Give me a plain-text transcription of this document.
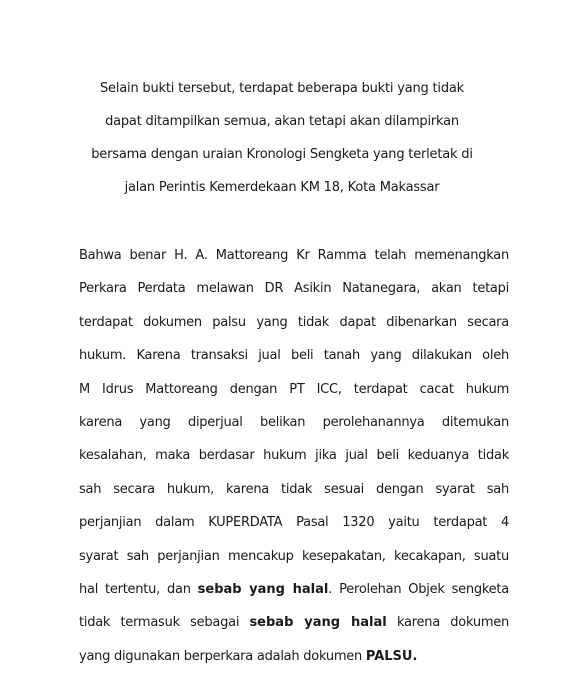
Selain bukti tersebut, terdapat beberapa bukti yang tidak
dapat ditampilkan semua, akan tetapi akan dilampirkan
bersama dengan uraian Kronologi Sengketa yang terletak di
jalan Perintis Kemerdekaan KM 18, Kota Makassar
Bahwa benar H. A. Mattoreang Kr Ramma telah memenangkan
Perkara Perdata melawan DR Asikin Natanegara, akan tetapi
terdapat dokumen palsu yang tidak dapat dibenarkan secara
hukum. Karena transaksi jual beli tanah yang dilakukan oleh
M Idrus Mattoreang dengan PT ICC, terdapat cacat hukum
karena yang diperjual belikan perolehanannya ditemukan
kesalahan, maka berdasar hukum jika jual beli keduanya tidak
sah secara hukum, karena tidak sesuai dengan syarat sah
perjanjian dalam KUPERDATA Pasal 1320 yaitu terdapat 4
syarat sah perjanjian mencakup kesepakatan, kecakapan, suatu
hal tertentu, dan sebab yang halal. Perolehan Objek sengketa
tidak termasuk sebagai sebab yang halal karena dokumen
yang digunakan berperkara adalah dokumen PALSU.
